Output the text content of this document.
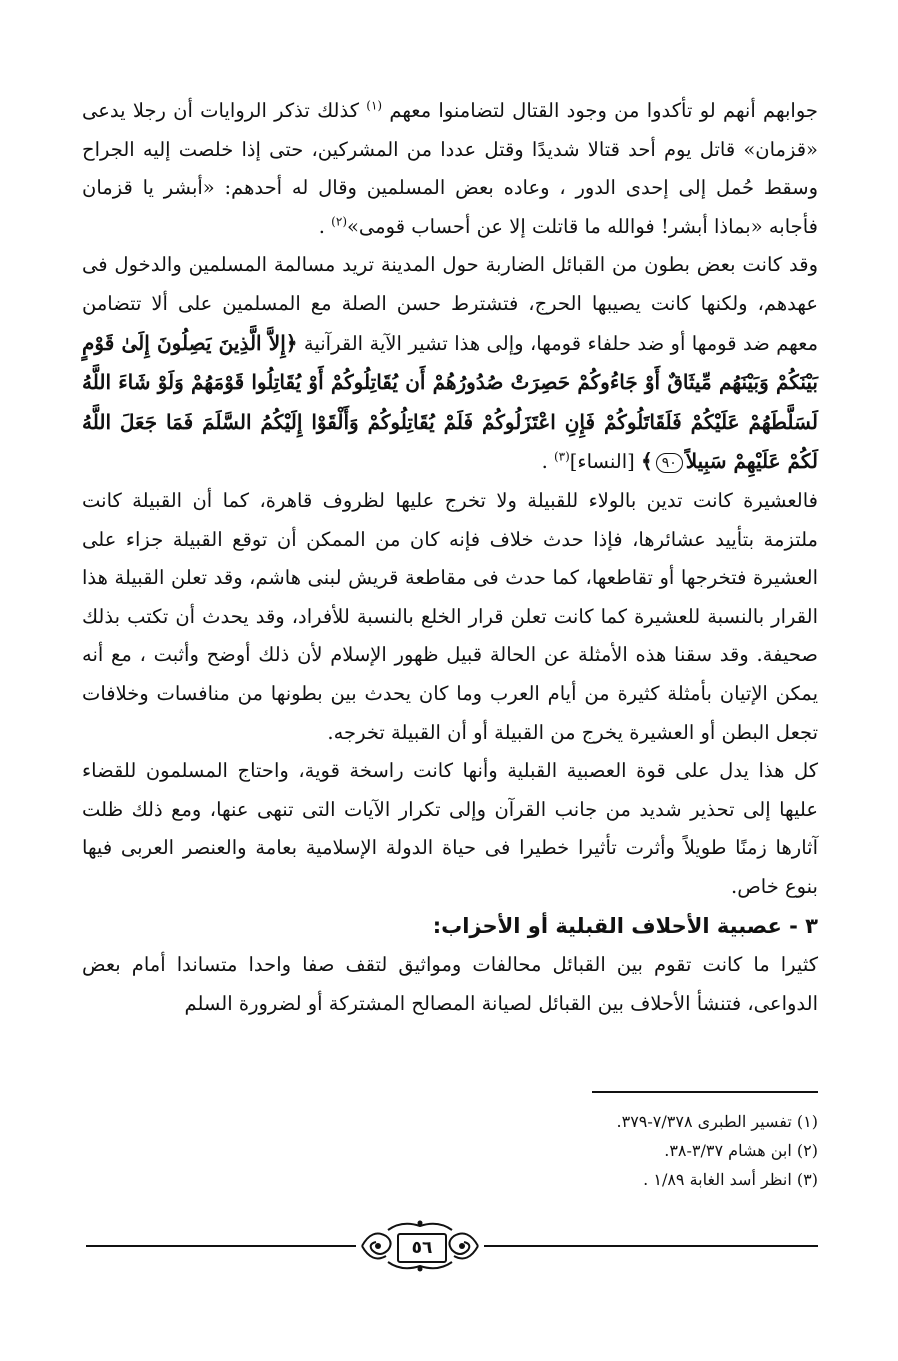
جوابهم أنهم لو تأكدوا من وجود القتال لتضامنوا معهم $^{(١)}$ كذلك تذكر الروايات أن رجلا يدعى «قزمان» قاتل يوم أحد قتالا شديدًا وقتل عددا من المشركين، حتى إذا خلصت إليه الجراح وسقط حُمل إلى إحدى الدور ، وعاده بعض المسلمين وقال له أحدهم: «أبشر يا قزمان فأجابه «بماذا أبشر! فوالله ما قاتلت إلا عن أحساب قومى»$^{(٢)}$ .

وقد كانت بعض بطون من القبائل الضاربة حول المدينة تريد مسالمة المسلمين والدخول فى عهدهم، ولكنها كانت يصيبها الحرج، فتشترط حسن الصلة مع المسلمين على ألا تتضامن معهم ضد قومها أو ضد حلفاء قومها، وإلى هذا تشير الآية القرآنية ﴿إِلاَّ الَّذِينَ يَصِلُونَ إِلَىٰ قَوْمٍ بَيْنَكُمْ وَبَيْنَهُم مِّيثَاقٌ أَوْ جَاءُوكُمْ حَصِرَتْ صُدُورُهُمْ أَن يُقَاتِلُوكُمْ أَوْ يُقَاتِلُوا قَوْمَهُمْ وَلَوْ شَاءَ اللَّهُ لَسَلَّطَهُمْ عَلَيْكُمْ فَلَقَاتَلُوكُمْ فَإِنِ اعْتَزَلُوكُمْ فَلَمْ يُقَاتِلُوكُمْ وَأَلْقَوْا إِلَيْكُمُ السَّلَمَ فَمَا جَعَلَ اللَّهُ لَكُمْ عَلَيْهِمْ سَبِيلاً٩٠﴾ [النساء]$^{(٣)}$ .

فالعشيرة كانت تدين بالولاء للقبيلة ولا تخرج عليها لظروف قاهرة، كما أن القبيلة كانت ملتزمة بتأييد عشائرها، فإذا حدث خلاف فإنه كان من الممكن أن توقع القبيلة جزاء على العشيرة فتخرجها أو تقاطعها، كما حدث فى مقاطعة قريش لبنى هاشم، وقد تعلن القبيلة هذا القرار بالنسبة للعشيرة كما كانت تعلن قرار الخلع بالنسبة للأفراد، وقد يحدث أن تكتب بذلك صحيفة. وقد سقنا هذه الأمثلة عن الحالة قبيل ظهور الإسلام لأن ذلك أوضح وأثبت ، مع أنه يمكن الإتيان بأمثلة كثيرة من أيام العرب وما كان يحدث بين بطونها من منافسات وخلافات تجعل البطن أو العشيرة يخرج من القبيلة أو أن القبيلة تخرجه.

كل هذا يدل على قوة العصبية القبلية وأنها كانت راسخة قوية، واحتاج المسلمون للقضاء عليها إلى تحذير شديد من جانب القرآن وإلى تكرار الآيات التى تنهى عنها، ومع ذلك ظلت آثارها زمنًا طويلاً وأثرت تأثيرا خطيرا فى حياة الدولة الإسلامية بعامة والعنصر العربى فيها بنوع خاص.

٣ - عصبية الأحلاف القبلية أو الأحزاب:

كثيرا ما كانت تقوم بين القبائل محالفات ومواثيق لتقف صفا واحدا متساندا أمام بعض الدواعى، فتنشأ الأحلاف بين القبائل لصيانة المصالح المشتركة أو لضرورة السلم

(١) تفسير الطبرى ٧/٣٧٨-٣٧٩.

(٢) ابن هشام ٣/٣٧-٣٨.

(٣) انظر أسد الغابة ١/٨٩ .

٥٦
